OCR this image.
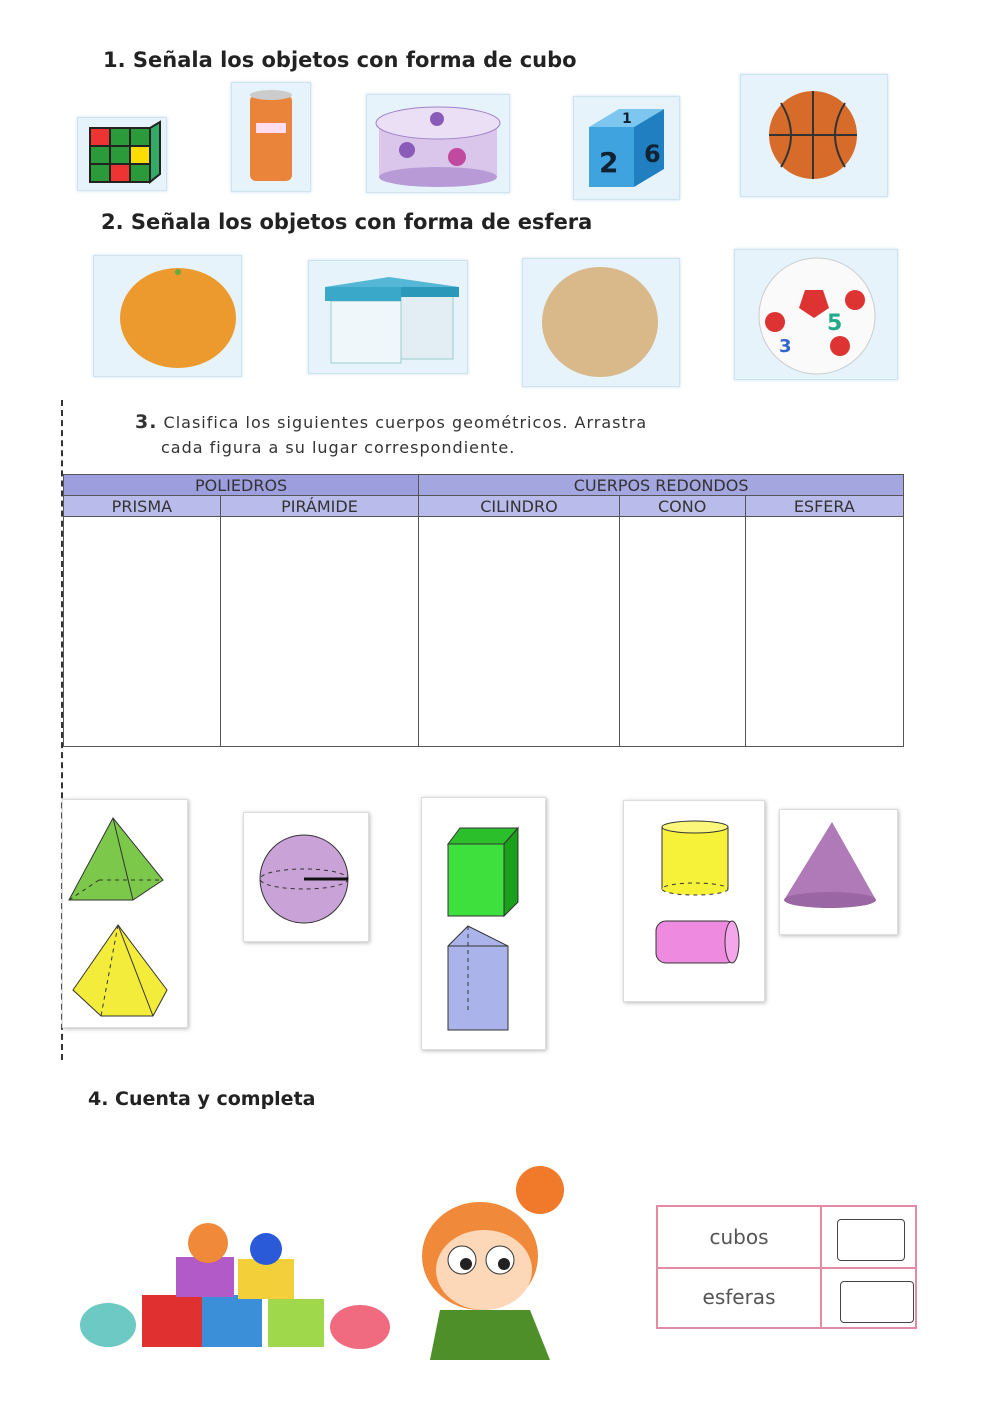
1. Señala los objetos con forma de cubo
2 6
1
2. Señala los objetos con forma de esfera
5
3
3. Clasifica los siguientes cuerpos geométricos. Arrastra
cada figura a su lugar correspondiente.
POLIEDROS		CUERPOS REDONDOS		
PRISMA	PIRÁMIDE	CILINDRO	CONO	ESFERA

4. Cuenta y completa
cubos
esferas
